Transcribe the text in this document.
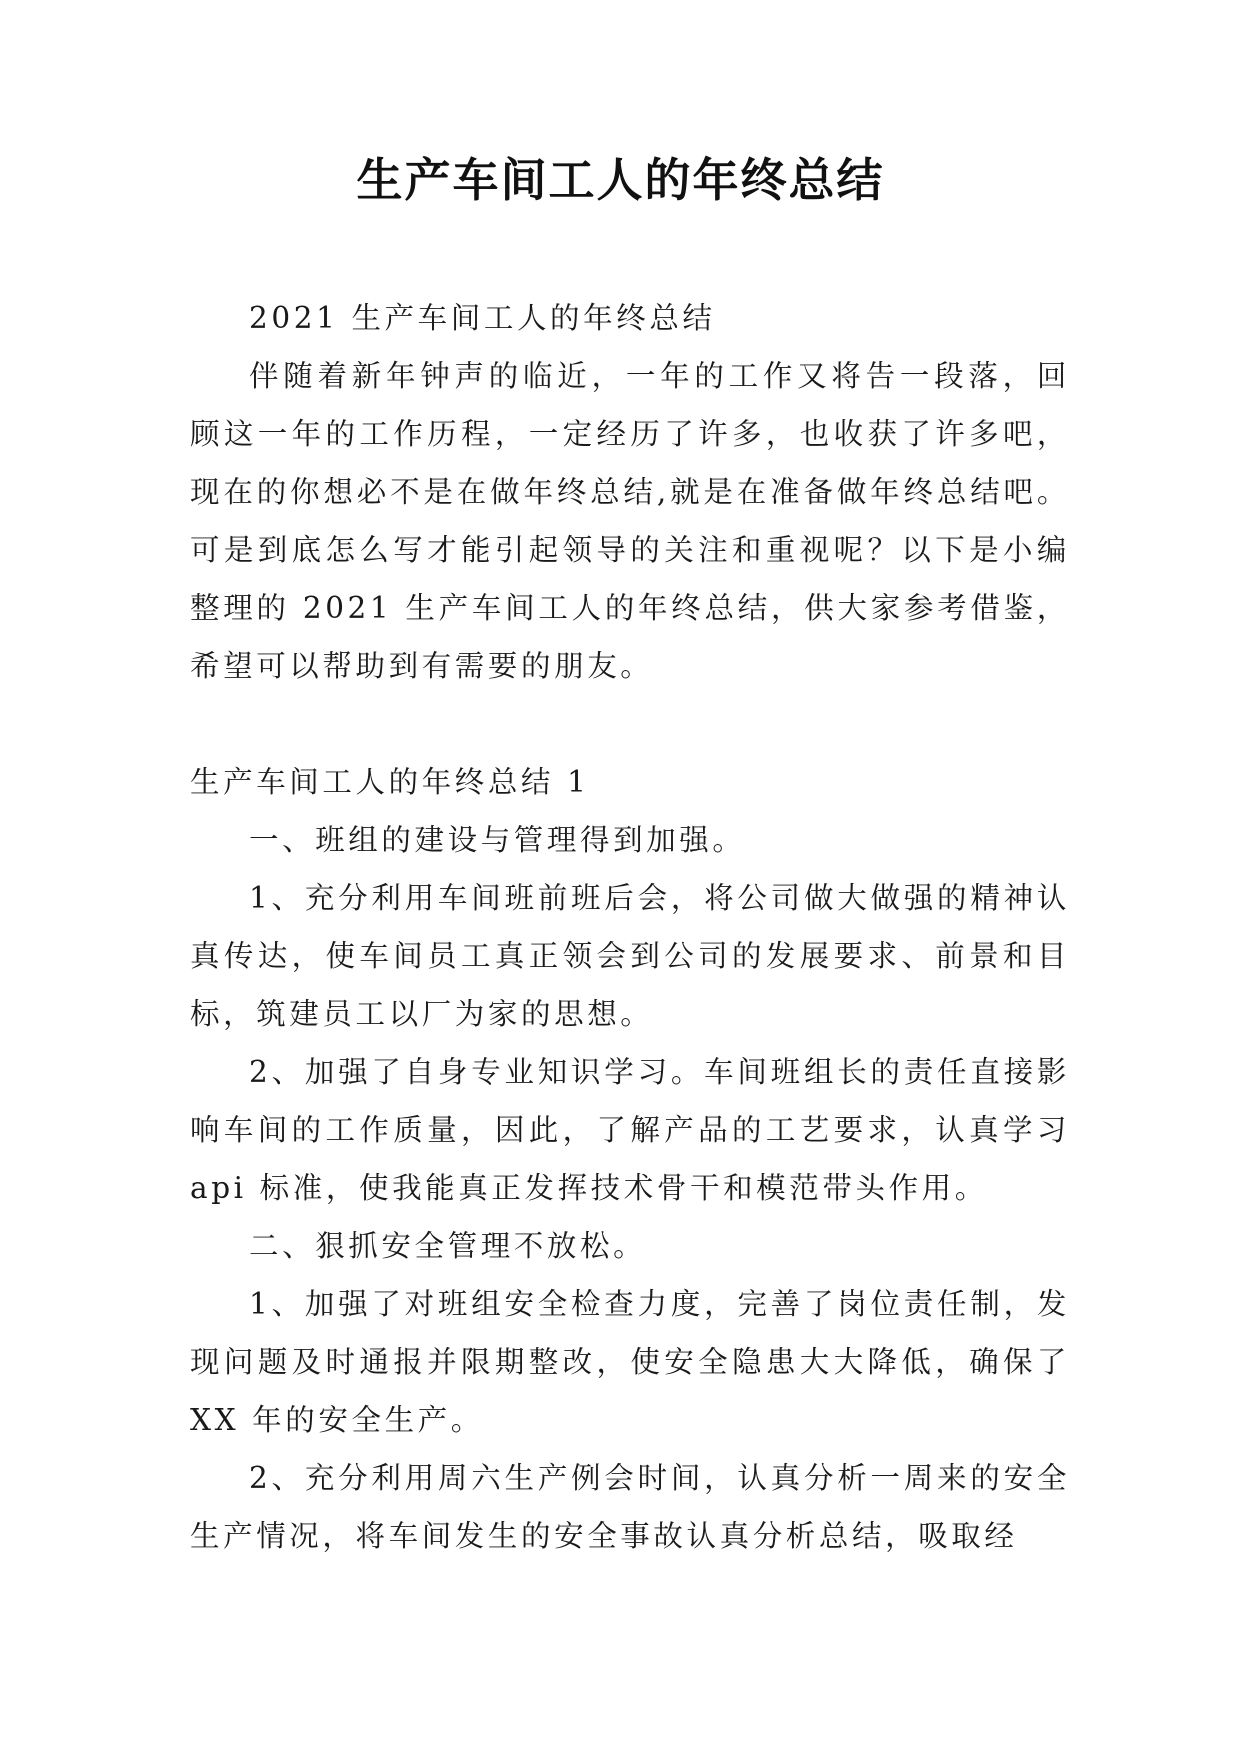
生产车间工人的年终总结

2021 生产车间工人的年终总结

伴随着新年钟声的临近，一年的工作又将告一段落，回顾这一年的工作历程，一定经历了许多，也收获了许多吧，现在的你想必不是在做年终总结,就是在准备做年终总结吧。可是到底怎么写才能引起领导的关注和重视呢？以下是小编整理的 2021 生产车间工人的年终总结，供大家参考借鉴，希望可以帮助到有需要的朋友。

生产车间工人的年终总结 1

一、班组的建设与管理得到加强。

1、充分利用车间班前班后会，将公司做大做强的精神认真传达，使车间员工真正领会到公司的发展要求、前景和目标，筑建员工以厂为家的思想。

2、加强了自身专业知识学习。车间班组长的责任直接影响车间的工作质量，因此，了解产品的工艺要求，认真学习 api 标准，使我能真正发挥技术骨干和模范带头作用。

二、狠抓安全管理不放松。

1、加强了对班组安全检查力度，完善了岗位责任制，发现问题及时通报并限期整改，使安全隐患大大降低，确保了 XX 年的安全生产。

2、充分利用周六生产例会时间，认真分析一周来的安全生产情况，将车间发生的安全事故认真分析总结，吸取经
